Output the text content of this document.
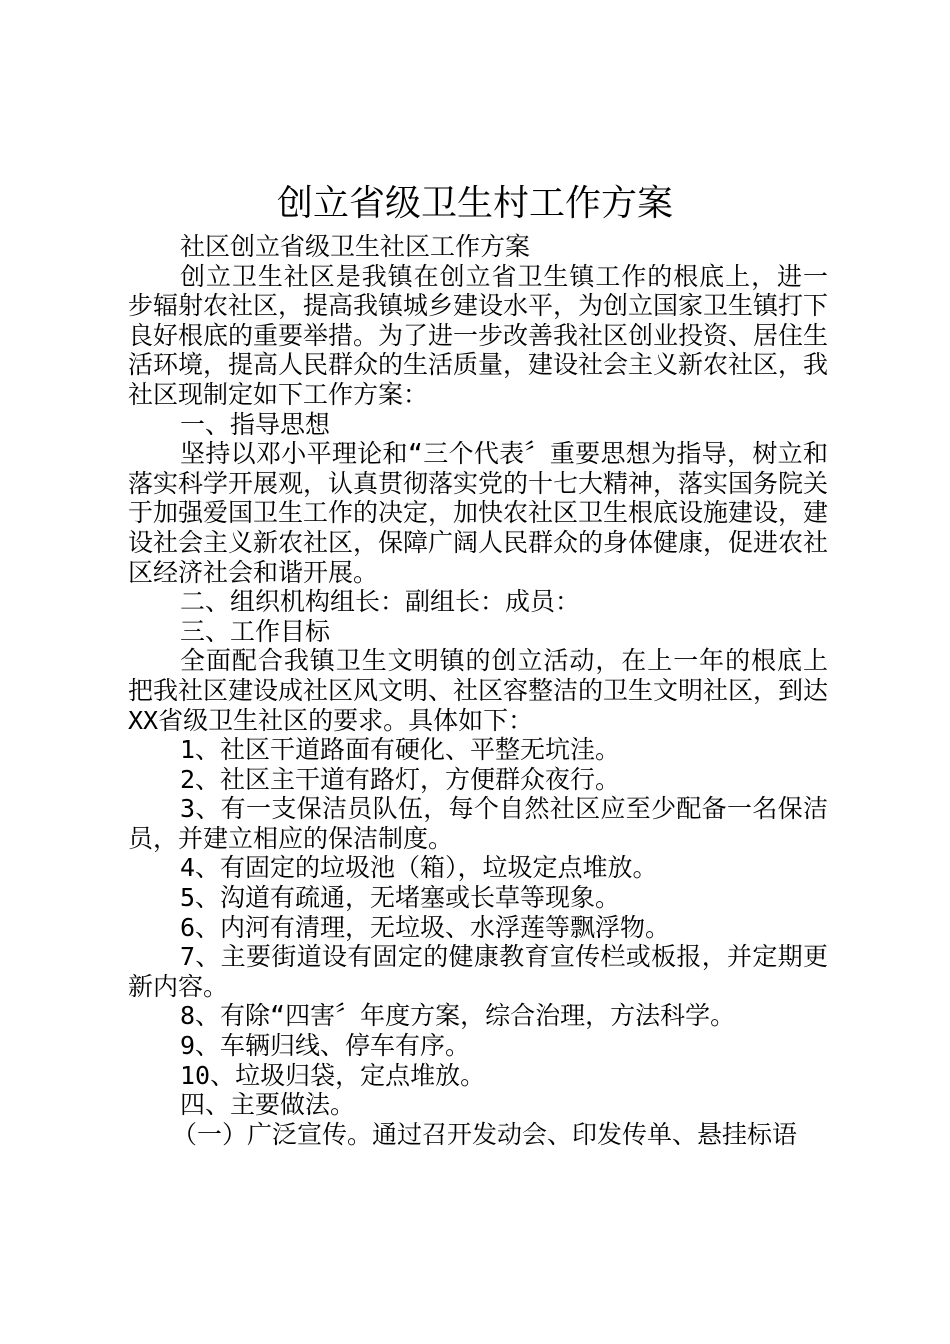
创立省级卫生村工作方案

社区创立省级卫生社区工作方案

创立卫生社区是我镇在创立省卫生镇工作的根底上，进一步辐射农社区，提高我镇城乡建设水平，为创立国家卫生镇打下良好根底的重要举措。为了进一步改善我社区创业投资、居住生活环境，提高人民群众的生活质量，建设社会主义新农社区，我社区现制定如下工作方案：

一、指导思想

坚持以邓小平理论和“三个代表〞重要思想为指导，树立和落实科学开展观，认真贯彻落实党的十七大精神，落实国务院关于加强爱国卫生工作的决定，加快农社区卫生根底设施建设，建设社会主义新农社区，保障广阔人民群众的身体健康，促进农社区经济社会和谐开展。

二、组织机构组长：副组长：成员：

三、工作目标

全面配合我镇卫生文明镇的创立活动，在上一年的根底上把我社区建设成社区风文明、社区容整洁的卫生文明社区，到达XX省级卫生社区的要求。具体如下：

1、社区干道路面有硬化、平整无坑洼。

2、社区主干道有路灯，方便群众夜行。

3、有一支保洁员队伍，每个自然社区应至少配备一名保洁员，并建立相应的保洁制度。

4、有固定的垃圾池（箱），垃圾定点堆放。

5、沟道有疏通，无堵塞或长草等现象。

6、内河有清理，无垃圾、水浮莲等飘浮物。

7、主要街道设有固定的健康教育宣传栏或板报，并定期更新内容。

8、有除“四害〞年度方案，综合治理，方法科学。

9、车辆归线、停车有序。

10、垃圾归袋，定点堆放。

四、主要做法。

（一）广泛宣传。通过召开发动会、印发传单、悬挂标语
